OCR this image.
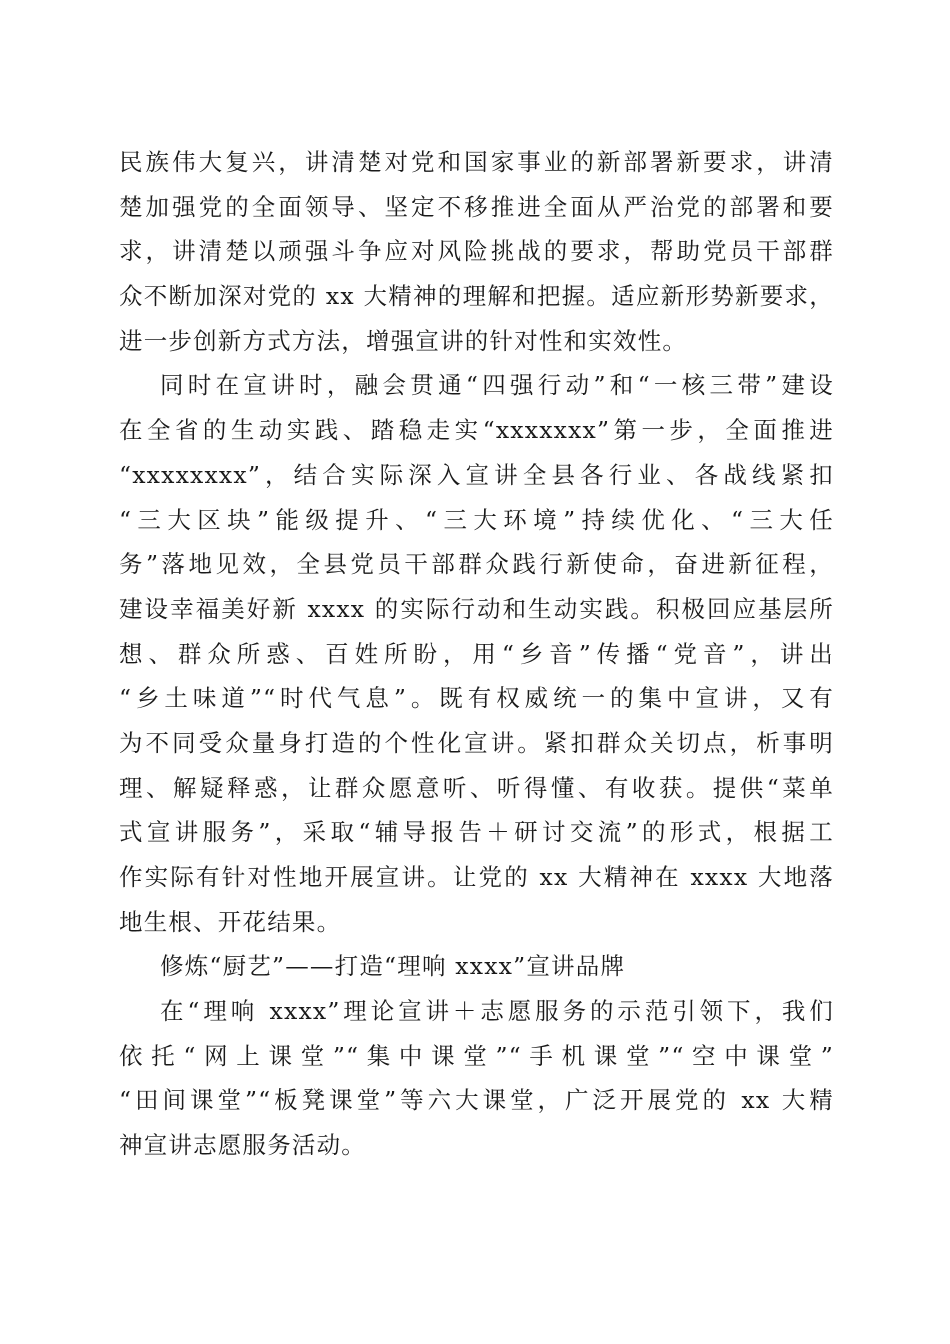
民族伟大复兴，讲清楚对党和国家事业的新部署新要求，讲清
楚加强党的全面领导、坚定不移推进全面从严治党的部署和要
求，讲清楚以顽强斗争应对风险挑战的要求，帮助党员干部群
众不断加深对党的 xx 大精神的理解和把握。适应新形势新要求，
进一步创新方式方法，增强宣讲的针对性和实效性。
同时在宣讲时，融会贯通“四强行动”和“一核三带”建设
在全省的生动实践、踏稳走实“xxxxxxx”第一步，全面推进
“xxxxxxxx”，结合实际深入宣讲全县各行业、各战线紧扣
“三大区块”能级提升、“三大环境”持续优化、“三大任
务”落地见效，全县党员干部群众践行新使命，奋进新征程，
建设幸福美好新 xxxx 的实际行动和生动实践。积极回应基层所
想、群众所惑、百姓所盼，用“乡音”传播“党音”，讲出
“乡土味道”“时代气息”。既有权威统一的集中宣讲，又有
为不同受众量身打造的个性化宣讲。紧扣群众关切点，析事明
理、解疑释惑，让群众愿意听、听得懂、有收获。提供“菜单
式宣讲服务”，采取“辅导报告＋研讨交流”的形式，根据工
作实际有针对性地开展宣讲。让党的 xx 大精神在 xxxx 大地落
地生根、开花结果。
修炼“厨艺”——打造“理响 xxxx”宣讲品牌
在“理响 xxxx”理论宣讲＋志愿服务的示范引领下，我们
依托“网上课堂”“集中课堂”“手机课堂”“空中课堂”
“田间课堂”“板凳课堂”等六大课堂，广泛开展党的 xx 大精
神宣讲志愿服务活动。
